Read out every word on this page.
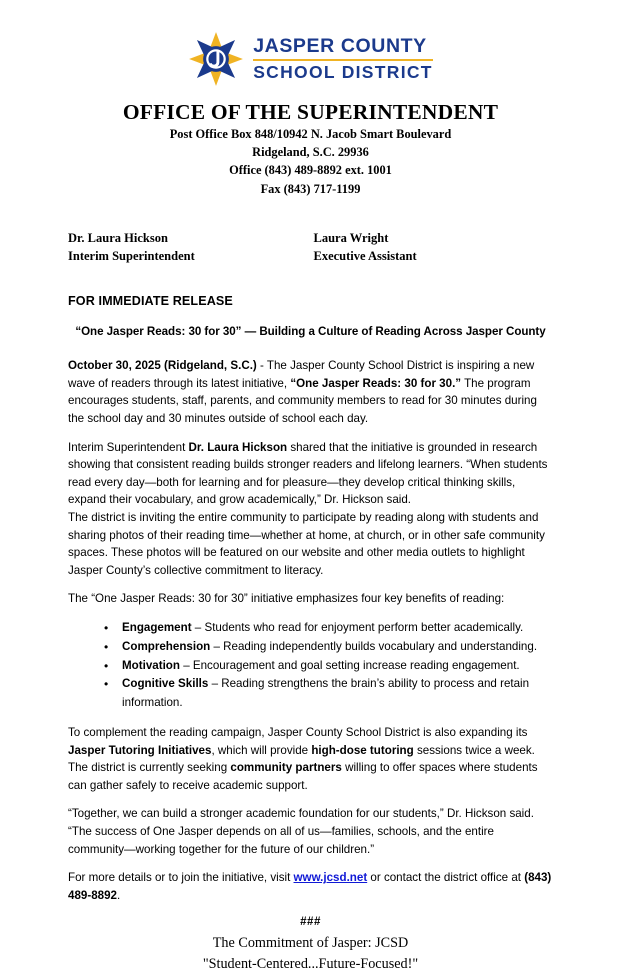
JASPER COUNTY
SCHOOL DISTRICT
OFFICE OF THE SUPERINTENDENT
Post Office Box 848/10942 N. Jacob Smart Boulevard
Ridgeland, S.C. 29936
Office (843) 489-8892 ext. 1001
Fax (843) 717-1199
Dr. Laura Hickson
Interim Superintendent
Laura Wright
Executive Assistant
FOR IMMEDIATE RELEASE
“One Jasper Reads: 30 for 30” — Building a Culture of Reading Across Jasper County

October 30, 2025 (Ridgeland, S.C.) - The Jasper County School District is inspiring a new wave of readers through its latest initiative, “One Jasper Reads: 30 for 30.” The program encourages students, staff, parents, and community members to read for 30 minutes during the school day and 30 minutes outside of school each day.

Interim Superintendent Dr. Laura Hickson shared that the initiative is grounded in research showing that consistent reading builds stronger readers and lifelong learners. “When students read every day—both for learning and for pleasure—they develop critical thinking skills, expand their vocabulary, and grow academically,” Dr. Hickson said.

The district is inviting the entire community to participate by reading along with students and sharing photos of their reading time—whether at home, at church, or in other safe community spaces. These photos will be featured on our website and other media outlets to highlight Jasper County’s collective commitment to literacy.

The “One Jasper Reads: 30 for 30” initiative emphasizes four key benefits of reading:

• Engagement – Students who read for enjoyment perform better academically.
• Comprehension – Reading independently builds vocabulary and understanding.
• Motivation – Encouragement and goal setting increase reading engagement.
• Cognitive Skills – Reading strengthens the brain’s ability to process and retain information.

To complement the reading campaign, Jasper County School District is also expanding its Jasper Tutoring Initiatives, which will provide high-dose tutoring sessions twice a week. The district is currently seeking community partners willing to offer spaces where students can gather safely to receive academic support.

“Together, we can build a stronger academic foundation for our students,” Dr. Hickson said. “The success of One Jasper depends on all of us—families, schools, and the entire community—working together for the future of our children.”

For more details or to join the initiative, visit www.jcsd.net or contact the district office at (843) 489-8892.

###
The Commitment of Jasper: JCSD
"Student-Centered...Future-Focused!"
